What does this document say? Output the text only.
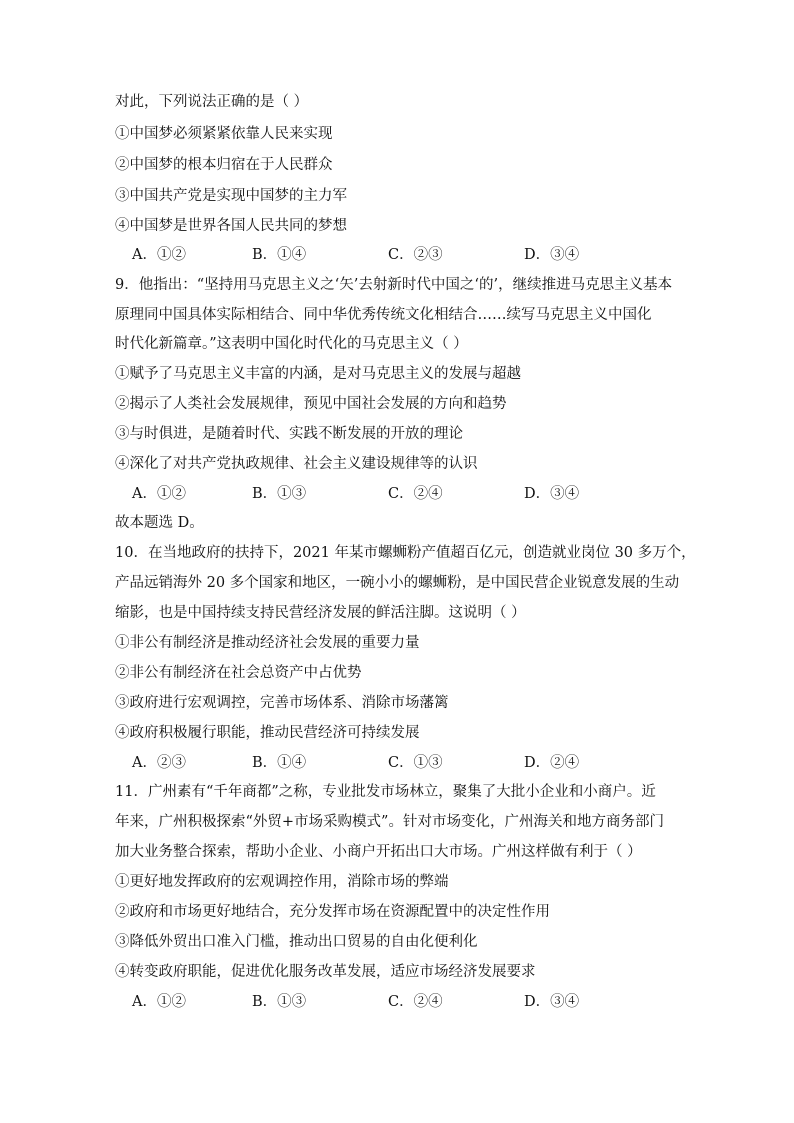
对此，下列说法正确的是（ ）
①中国梦必须紧紧依靠人民来实现
②中国梦的根本归宿在于人民群众
③中国共产党是实现中国梦的主力军
④中国梦是世界各国人民共同的梦想
A．①②	B．①④	C．②③	D．③④
9．他指出：“坚持用马克思主义之‘矢’去射新时代中国之‘的’，继续推进马克思主义基本
原理同中国具体实际相结合、同中华优秀传统文化相结合……续写马克思主义中国化
时代化新篇章。”这表明中国化时代化的马克思主义（ ）
①赋予了马克思主义丰富的内涵，是对马克思主义的发展与超越
②揭示了人类社会发展规律，预见中国社会发展的方向和趋势
③与时俱进，是随着时代、实践不断发展的开放的理论
④深化了对共产党执政规律、社会主义建设规律等的认识
A．①②	B．①③	C．②④	D．③④
故本题选 D。
10．在当地政府的扶持下，2021 年某市螺蛳粉产值超百亿元，创造就业岗位 30 多万个，
产品远销海外 20 多个国家和地区，一碗小小的螺蛳粉，是中国民营企业锐意发展的生动
缩影，也是中国持续支持民营经济发展的鲜活注脚。这说明（ ）
①非公有制经济是推动经济社会发展的重要力量
②非公有制经济在社会总资产中占优势
③政府进行宏观调控，完善市场体系、消除市场藩篱
④政府积极履行职能，推动民营经济可持续发展
A．②③	B．①④	C．①③	D．②④
11．广州素有“千年商都”之称，专业批发市场林立，聚集了大批小企业和小商户。近
年来，广州积极探索“外贸+市场采购模式”。针对市场变化，广州海关和地方商务部门
加大业务整合探索，帮助小企业、小商户开拓出口大市场。广州这样做有利于（ ）
①更好地发挥政府的宏观调控作用，消除市场的弊端
②政府和市场更好地结合，充分发挥市场在资源配置中的决定性作用
③降低外贸出口准入门槛，推动出口贸易的自由化便利化
④转变政府职能，促进优化服务改革发展，适应市场经济发展要求
A．①②	B．①③	C．②④	D．③④
